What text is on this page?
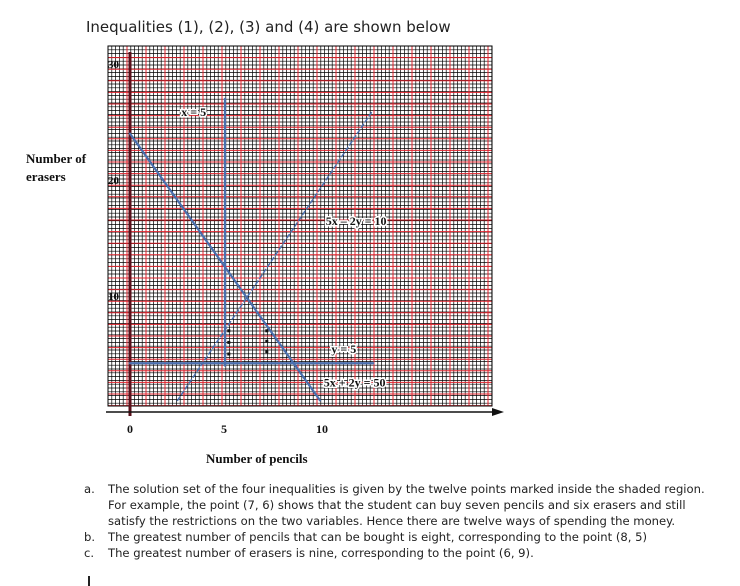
Inequalities (1), (2), (3) and (4) are shown below
Number of
erasers
0	5	10
10
20
30
x = 5
5x – 2y = 10
y = 5
5x + 2y = 50
Number of pencils
a.	The solution set of the four inequalities is given by the twelve points marked inside the shaded region. For example, the point (7, 6) shows that the student can buy seven pencils and six erasers and still satisfy the restrictions on the two variables. Hence there are twelve ways of spending the money.
b.	The greatest number of pencils that can be bought is eight, corresponding to the point (8, 5)
c.	The greatest number of erasers is nine, corresponding to the point (6, 9).
